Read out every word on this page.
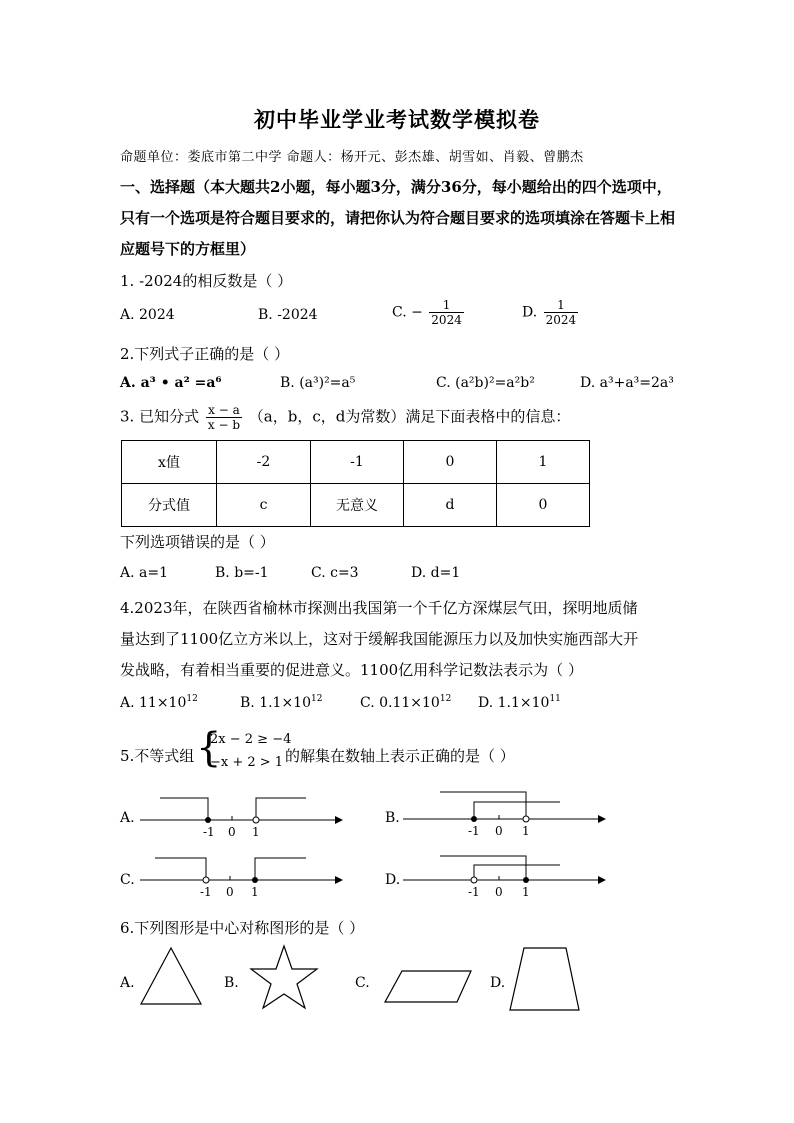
初中毕业学业考试数学模拟卷
命题单位：娄底市第二中学 命题人：杨开元、彭杰雄、胡雪如、肖毅、曾鹏杰
一、选择题（本大题共2小题，每小题3分，满分36分，每小题给出的四个选项中，只有一个选项是符合题目要求的，请把你认为符合题目要求的选项填涂在答题卡上相应题号下的方框里）
1. -2024的相反数是（ ）
A. 2024	B. -2024	C. − $\frac{1}{2024}$	D. $\frac{1}{2024}$
2.下列式子正确的是（ ）
A. a³ • a² =a⁶	B. (a³)²=a⁵	C. (a²b)²=a²b²	D. a³+a³=2a³
3. 已知分式 $\frac{x - a}{x - b} (a$，b，c，d为常数）满足下面表格中的信息：
x值	-2	-1	0	1
分式值	c	无意义	d	0
下列选项错误的是（ ）
A. a=1	B. b=-1	C. c=3	D. d=1
4.2023年，在陕西省榆林市探测出我国第一个千亿方深煤层气田，探明地质储
量达到了1100亿立方米以上，这对于缓解我国能源压力以及加快实施西部大开
发战略，有着相当重要的促进意义。1100亿用科学记数法表示为（ ）
A. $11\times 10^{12}$	B. $1.1\times 10^{12}$	C. $0.11\times 10^{12}$ D. $1.1\times 10^{11}$
5.不等式组 {
2x − 2 ≥ −4
−x + 2 > 1 的解集在数轴上表示正确的是（ ）
A.	B.
C.	D.
-1 0 1	-1 0 1
-1 0 1	-1 0 1
6.下列图形是中心对称图形的是（ ）
A.	B.	C.	D.
